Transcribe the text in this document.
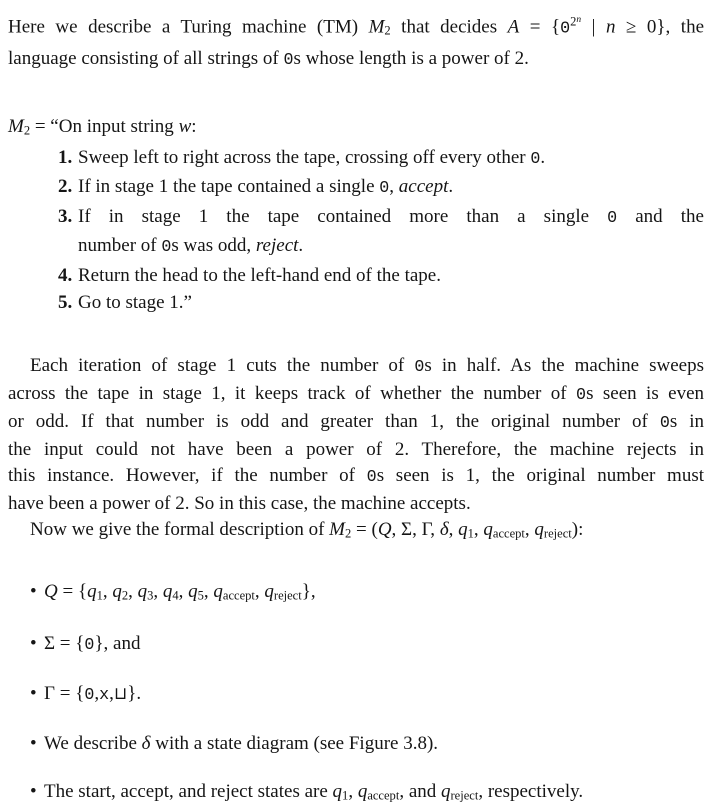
Here we describe a Turing machine (TM) M2 that decides $A = \{0^{2n}$ | n ≥ 0}, the
language consisting of all strings of 0s whose length is a power of 2.
M2 = “On input string w:
1. Sweep left to right across the tape, crossing off every other 0.
2. If in stage 1 the tape contained a single 0, accept.
3. If in stage 1 the tape contained more than a single 0 and the
number of 0s was odd, reject.
4. Return the head to the left-hand end of the tape.
5. Go to stage 1.”
Each iteration of stage 1 cuts the number of 0s in half. As the machine sweeps
across the tape in stage 1, it keeps track of whether the number of 0s seen is even
or odd. If that number is odd and greater than 1, the original number of 0s in
the input could not have been a power of 2. Therefore, the machine rejects in
this instance. However, if the number of 0s seen is 1, the original number must
have been a power of 2. So in this case, the machine accepts.
Now we give the formal description of M2 = (Q, Σ, Γ, δ, q1, qaccept, qreject):
• Q = {q1, q2, q3, q4, q5, qaccept, qreject},
• Σ = {0}, and
• Γ = {0,x,⊔}.
• We describe δ with a state diagram (see Figure 3.8).
• The start, accept, and reject states are q1, qaccept, and qreject, respectively.
